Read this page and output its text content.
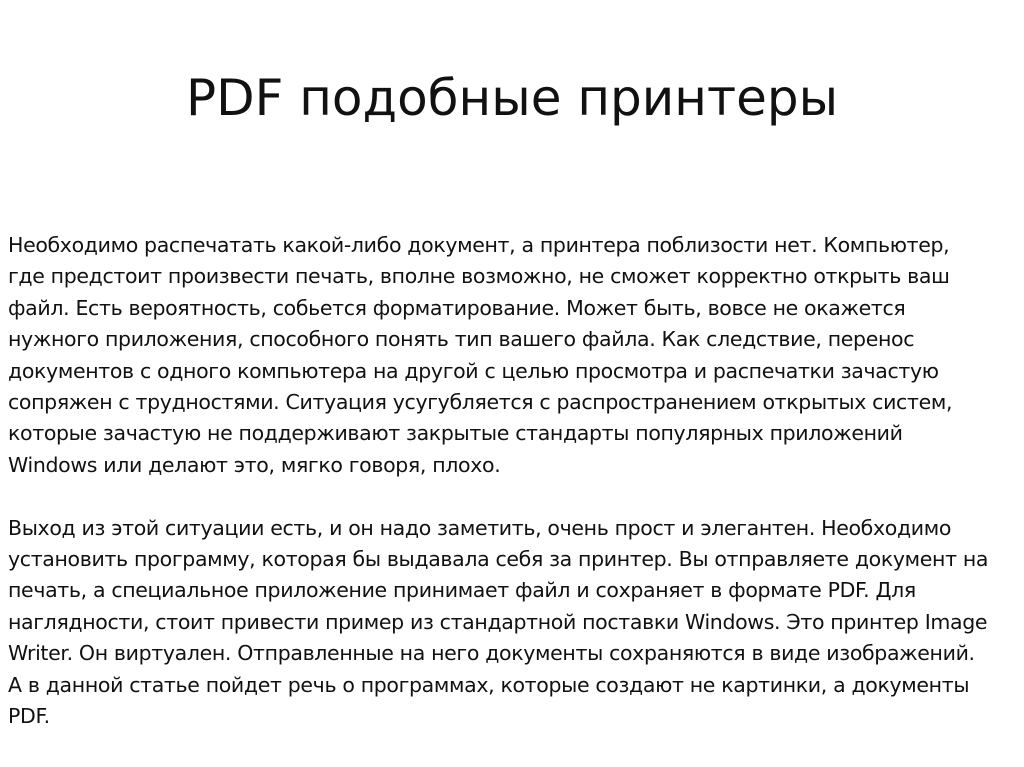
PDF подобные принтеры

Необходимо распечатать какой-либо документ, а принтера поблизости нет. Компьютер,
где предстоит произвести печать, вполне возможно, не сможет корректно открыть ваш
файл. Есть вероятность, собьется форматирование. Может быть, вовсе не окажется
нужного приложения, способного понять тип вашего файла. Как следствие, перенос
документов с одного компьютера на другой с целью просмотра и распечатки зачастую
сопряжен с трудностями. Ситуация усугубляется с распространением открытых систем,
которые зачастую не поддерживают закрытые стандарты популярных приложений
Windows или делают это, мягко говоря, плохо.

Выход из этой ситуации есть, и он надо заметить, очень прост и элегантен. Необходимо
установить программу, которая бы выдавала себя за принтер. Вы отправляете документ на
печать, а специальное приложение принимает файл и сохраняет в формате PDF. Для
наглядности, стоит привести пример из стандартной поставки Windows. Это принтер Image
Writer. Он виртуален. Отправленные на него документы сохраняются в виде изображений.
А в данной статье пойдет речь о программах, которые создают не картинки, а документы
PDF.
